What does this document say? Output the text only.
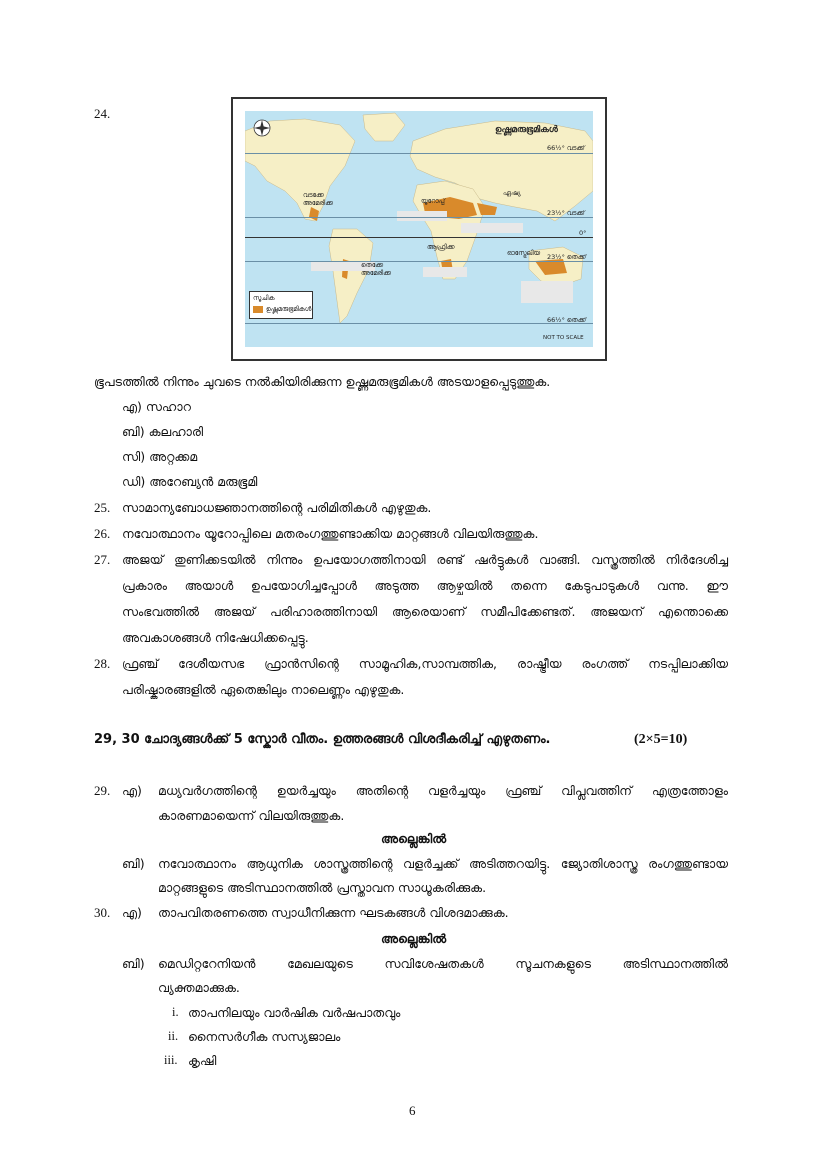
24.
ഉഷ്ണമരുഭൂമികൾ
66½° വടക്ക്
23½° വടക്ക്
0°
23½° തെക്ക്
66½° തെക്ക്
വടക്കേ അമേരിക്ക	യൂറോപ്പ്
ഏഷ്യ
ആഫ്രിക്ക
തെക്കേ അമേരിക്ക
ഓസ്ട്രേലിയ
സൂചിക
ഉഷ്ണമരുഭൂമികൾ
NOT TO SCALE
ഭൂപടത്തിൽ നിന്നും ചുവടെ നൽകിയിരിക്കുന്ന ഉഷ്ണമരുഭൂമികൾ അടയാളപ്പെടുത്തുക.
എ) സഹാറ
ബി) കലഹാരി
സി) അറ്റക്കമ
ഡി) അറേബ്യൻ മരുഭൂമി
25. സാമാന്യബോധജ്ഞാനത്തിന്റെ പരിമിതികൾ എഴുതുക.
26. നവോത്ഥാനം യൂറോപ്പിലെ മതരംഗത്തുണ്ടാക്കിയ മാറ്റങ്ങൾ വിലയിരുത്തുക.
27. അജയ് തുണിക്കടയിൽ നിന്നും ഉപയോഗത്തിനായി രണ്ട് ഷർട്ടുകൾ വാങ്ങി. വസ്ത്രത്തിൽ നിർദേശിച്ച
പ്രകാരം അയാൾ ഉപയോഗിച്ചപ്പോൾ അടുത്ത ആഴ്ചയിൽ തന്നെ കേടുപാടുകൾ വന്നു. ഈ
സംഭവത്തിൽ അജയ് പരിഹാരത്തിനായി ആരെയാണ് സമീപിക്കേണ്ടത്. അജയന് എന്തൊക്കെ
അവകാശങ്ങൾ നിഷേധിക്കപ്പെട്ടു.
28. ഫ്രഞ്ച് ദേശീയസഭ ഫ്രാൻസിന്റെ സാമൂഹിക,സാമ്പത്തിക, രാഷ്ട്രീയ രംഗത്ത് നടപ്പിലാക്കിയ
പരിഷ്കാരങ്ങളിൽ ഏതെങ്കിലും നാലെണ്ണം എഴുതുക.
29, 30 ചോദ്യങ്ങൾക്ക് 5 സ്കോർ വീതം. ഉത്തരങ്ങൾ വിശദീകരിച്ച് എഴുതണം.	(2×5=10)
29. എ) മധ്യവർഗത്തിന്റെ ഉയർച്ചയും അതിന്റെ വളർച്ചയും ഫ്രഞ്ച് വിപ്ലവത്തിന് എത്രത്തോളം
കാരണമായെന്ന് വിലയിരുത്തുക.
അല്ലെങ്കിൽ
ബി) നവോത്ഥാനം ആധുനിക ശാസ്ത്രത്തിന്റെ വളർച്ചക്ക് അടിത്തറയിട്ടു. ജ്യോതിശാസ്ത്ര രംഗത്തുണ്ടായ
മാറ്റങ്ങളുടെ അടിസ്ഥാനത്തിൽ പ്രസ്താവന സാധൂകരിക്കുക.
30. എ) താപവിതരണത്തെ സ്വാധീനിക്കുന്ന ഘടകങ്ങൾ വിശദമാക്കുക.
അല്ലെങ്കിൽ
ബി) മെഡിറ്ററേനിയൻ മേഖലയുടെ സവിശേഷതകൾ സൂചനകളുടെ അടിസ്ഥാനത്തിൽ
വ്യക്തമാക്കുക.
i. താപനിലയും വാർഷിക വർഷപാതവും
ii. നൈസർഗീക സസ്യജാലം
iii. കൃഷി
6
